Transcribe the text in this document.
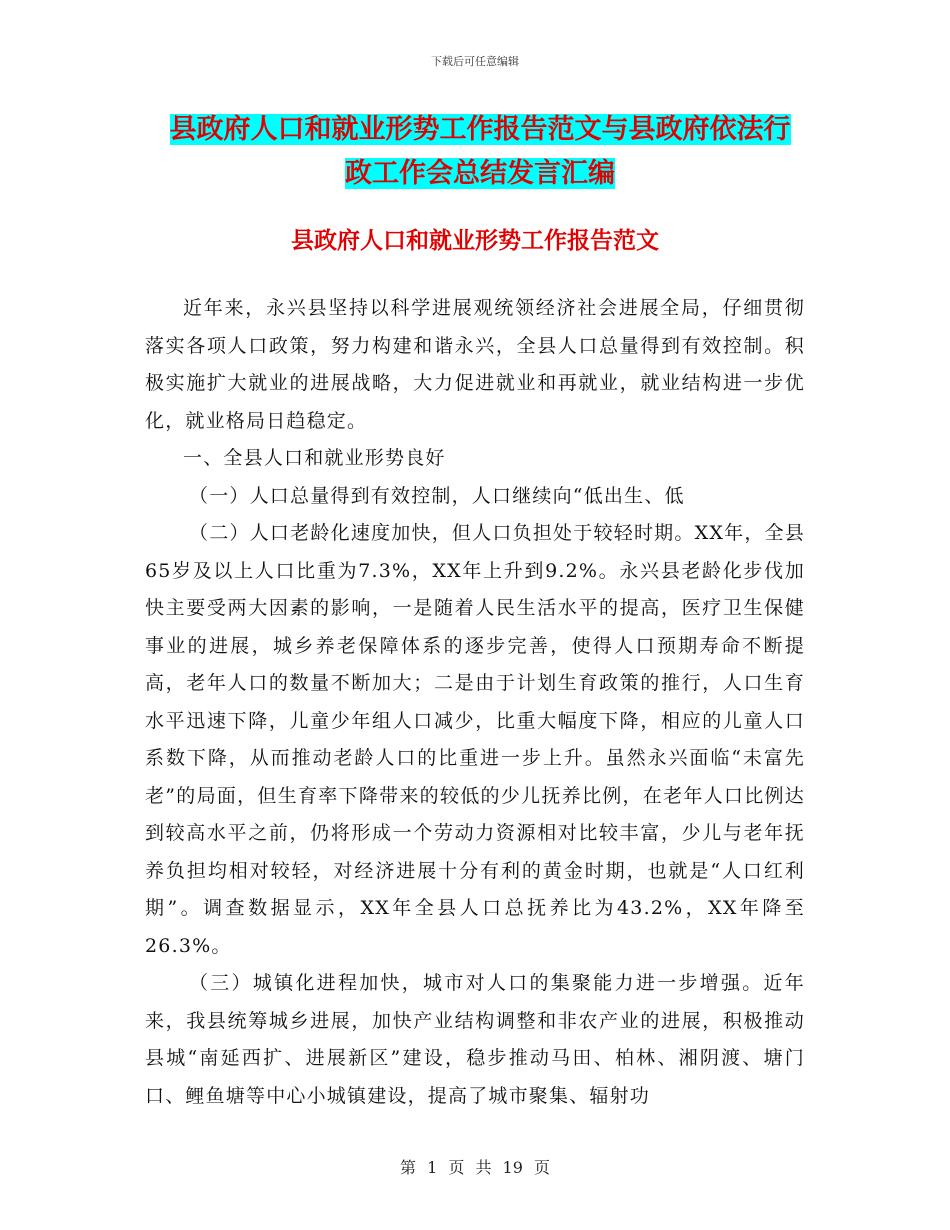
下载后可任意编辑
县政府人口和就业形势工作报告范文与县政府依法行
政工作会总结发言汇编
县政府人口和就业形势工作报告范文

近年来，永兴县坚持以科学进展观统领经济社会进展全局，仔细贯彻落实各项人口政策，努力构建和谐永兴，全县人口总量得到有效控制。积极实施扩大就业的进展战略，大力促进就业和再就业，就业结构进一步优化，就业格局日趋稳定。

一、全县人口和就业形势良好

（一）人口总量得到有效控制，人口继续向“低出生、低

（二）人口老龄化速度加快，但人口负担处于较轻时期。XX年，全县65岁及以上人口比重为7.3%，XX年上升到9.2%。永兴县老龄化步伐加快主要受两大因素的影响，一是随着人民生活水平的提高，医疗卫生保健事业的进展，城乡养老保障体系的逐步完善，使得人口预期寿命不断提高，老年人口的数量不断加大；二是由于计划生育政策的推行，人口生育水平迅速下降，儿童少年组人口减少，比重大幅度下降，相应的儿童人口系数下降，从而推动老龄人口的比重进一步上升。虽然永兴面临“未富先老”的局面，但生育率下降带来的较低的少儿抚养比例，在老年人口比例达到较高水平之前，仍将形成一个劳动力资源相对比较丰富，少儿与老年抚养负担均相对较轻，对经济进展十分有利的黄金时期，也就是“人口红利期”。调查数据显示，XX年全县人口总抚养比为43.2%，XX年降至26.3%。

（三）城镇化进程加快，城市对人口的集聚能力进一步增强。近年来，我县统筹城乡进展，加快产业结构调整和非农产业的进展，积极推动县城“南延西扩、进展新区”建设，稳步推动马田、柏林、湘阴渡、塘门口、鲤鱼塘等中心小城镇建设，提高了城市聚集、辐射功

第 1 页 共 19 页
